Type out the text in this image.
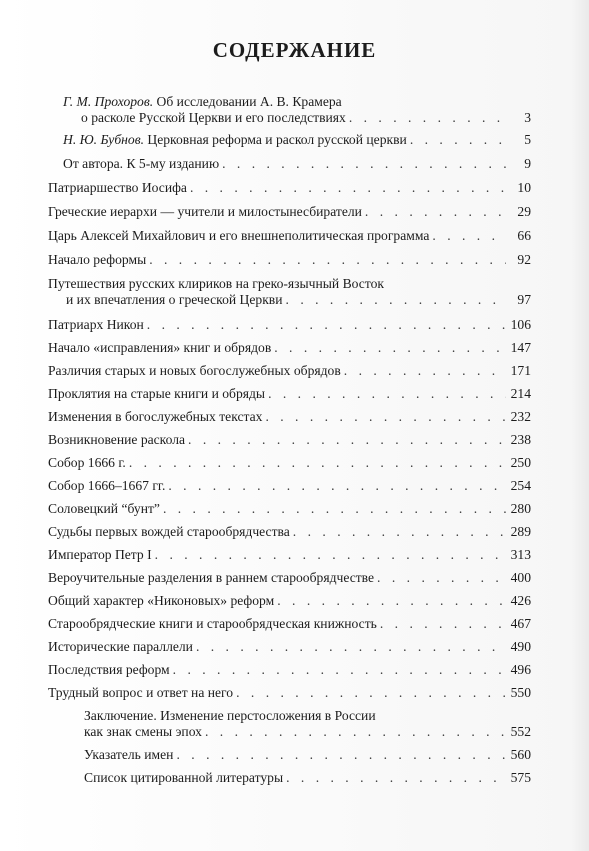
СОДЕРЖАНИЕ
Г. М. Прохоров. Об исследовании А. В. Крамера
о расколе Русской Церкви и его последствиях . . .	3
Н. Ю. Бубнов. Церковная реформа и раскол русской церкви . . .	5
От автора. К 5-му изданию . . .	9
Патриаршество Иосифа . . .	10
Греческие иерархи — учители и милостынесбиратели . . .	29
Царь Алексей Михайлович и его внешнеполитическая программа . . .	66
Начало реформы . . .	92
Путешествия русских клириков на греко-язычный Восток
и их впечатления о греческой Церкви . . .	97
Патриарх Никон . . .	106
Начало «исправления» книг и обрядов . . .	147
Различия старых и новых богослужебных обрядов . . .	171
Проклятия на старые книги и обряды . . .	214
Изменения в богослужебных текстах . . .	232
Возникновение раскола . . .	238
Собор 1666 г. . . .	250
Собор 1666–1667 гг. . . .	254
Соловецкий “бунт” . . .	280
Судьбы первых вождей старообрядчества . . .	289
Император Петр I . . .	313
Вероучительные разделения в раннем старообрядчестве . . .	400
Общий характер «Никоновых» реформ . . .	426
Старообрядческие книги и старообрядческая книжность . . .	467
Исторические параллели . . .	490
Последствия реформ . . .	496
Трудный вопрос и ответ на него . . .	550
Заключение. Изменение перстосложения в России
как знак смены эпох . . .	552
Указатель имен . . .	560
Список цитированной литературы . . .	575
